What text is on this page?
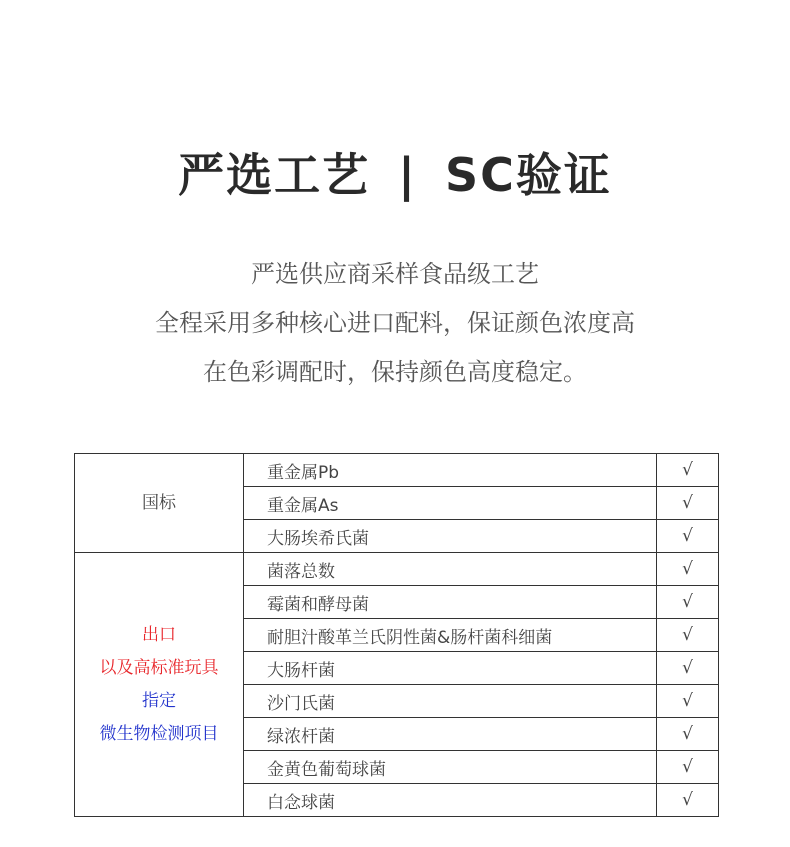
严选工艺 | SC验证
严选供应商采样食品级工艺
全程采用多种核心进口配料，保证颜色浓度高
在色彩调配时，保持颜色高度稳定。
国标	重金属Pb	√
	重金属As	√
	大肠埃希氏菌	√

出口
以及高标准玩具
指定
微生物检测项目	菌落总数	√
	霉菌和酵母菌	√
	耐胆汁酸革兰氏阴性菌&肠杆菌科细菌	√
	大肠杆菌	√
	沙门氏菌	√
	绿浓杆菌	√
	金黄色葡萄球菌	√
	白念球菌	√
